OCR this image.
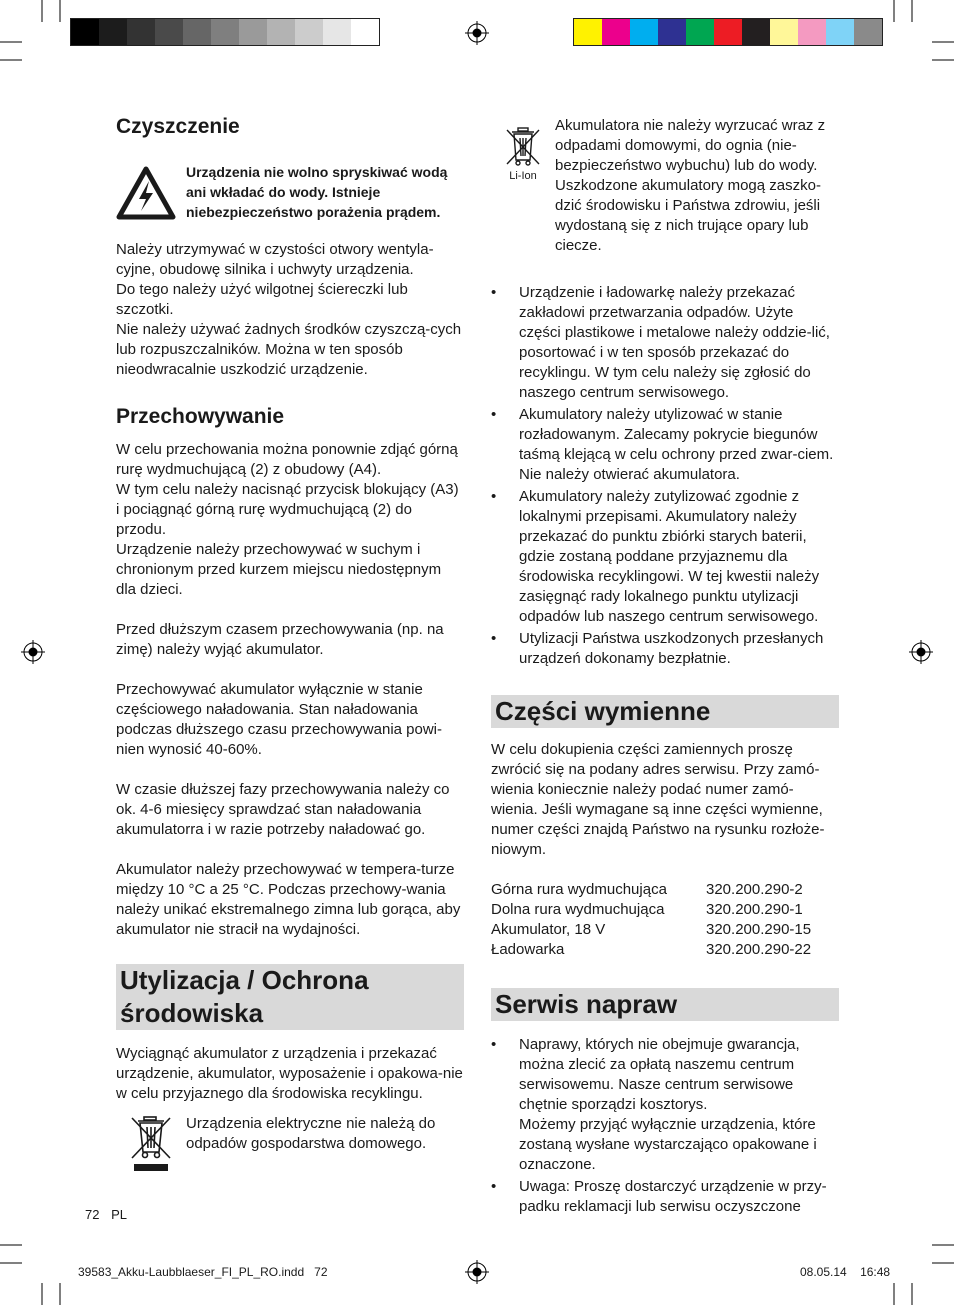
Czyszczenie

Urządzenia nie wolno spryskiwać wodą ani wkładać do wody. Istnieje niebezpieczeństwo porażenia prądem.

Należy utrzymywać w czystości otwory wentyla-cyjne, obudowę silnika i uchwyty urządzenia.

Do tego należy użyć wilgotnej ściereczki lub szczotki.

Nie należy używać żadnych środków czyszczą-cych lub rozpuszczalników. Można w ten sposób nieodwracalnie uszkodzić urządzenie.

Przechowywanie

W celu przechowania można ponownie zdjąć górną rurę wydmuchującą (2) z obudowy (A4).

W tym celu należy nacisnąć przycisk blokujący (A3) i pociągnąć górną rurę wydmuchującą (2) do przodu.

Urządzenie należy przechowywać w suchym i chronionym przed kurzem miejscu niedostępnym dla dzieci.

Przed dłuższym czasem przechowywania (np. na zimę) należy wyjąć akumulator.

Przechowywać akumulator wyłącznie w stanie częściowego naładowania. Stan naładowania podczas dłuższego czasu przechowywania powi-nien wynosić 40-60%.

W czasie dłuższej fazy przechowywania należy co ok. 4-6 miesięcy sprawdzać stan naładowania akumulatorra i w razie potrzeby naładować go.

Akumulator należy przechowywać w tempera-turze między 10 °C a 25 °C. Podczas przechowy-wania należy unikać ekstremalnego zimna lub gorąca, aby akumulator nie stracił na wydajności.

Utylizacja / Ochrona środowiska

Wyciągnąć akumulator z urządzenia i przekazać urządzenie, akumulator, wyposażenie i opakowa-nie w celu przyjaznego dla środowiska recyklingu.

Urządzenia elektryczne nie należą do odpadów gospodarstwa domowego.

Li-Ion

Akumulatora nie należy wyrzucać wraz z odpadami domowymi, do ognia (nie-bezpieczeństwo wybuchu) lub do wody. Uszkodzone akumulatory mogą zaszko-dzić środowisku i Państwa zdrowiu, jeśli wydostaną się z nich trujące opary lub ciecze.

• Urządzenie i ładowarkę należy przekazać zakładowi przetwarzania odpadów. Użyte części plastikowe i metalowe należy oddzie-lić, posortować i w ten sposób przekazać do recyklingu. W tym celu należy się zgłosić do naszego centrum serwisowego.
• Akumulatory należy utylizować w stanie rozładowanym. Zalecamy pokrycie biegunów taśmą klejącą w celu ochrony przed zwar-ciem. Nie należy otwierać akumulatora.
• Akumulatory należy zutylizować zgodnie z lokalnymi przepisami. Akumulatory należy przekazać do punktu zbiórki starych baterii, gdzie zostaną poddane przyjaznemu dla środowiska recyklingowi. W tej kwestii należy zasięgnąć rady lokalnego punktu utylizacji odpadów lub naszego centrum serwisowego.
• Utylizacji Państwa uszkodzonych przesłanych urządzeń dokonamy bezpłatnie.
Części wymienne

W celu dokupienia części zamiennych proszę zwrócić się na podany adres serwisu. Przy zamó-wienia koniecznie należy podać numer zamó-wienia. Jeśli wymagane są inne części wymienne, numer części znajdą Państwo na rysunku rozłoże-niowym.

Górna rura wydmuchująca	320.200.290-2
Dolna rura wydmuchująca	320.200.290-1
Akumulator, 18 V	320.200.290-15
Ładowarka	320.200.290-22
Serwis napraw
• Naprawy, których nie obejmuje gwarancja, można zlecić za opłatą naszemu centrum serwisowemu. Nasze centrum serwisowe chętnie sporządzi kosztorys.
Możemy przyjąć wyłącznie urządzenia, które zostaną wysłane wystarczająco opakowane i oznaczone.
• Uwaga: Proszę dostarczyć urządzenie w przy-padku reklamacji lub serwisu oczyszczone
72 PL
39583_Akku-Laubblaeser_FI_PL_RO.indd   72	08.05.14 16:48
